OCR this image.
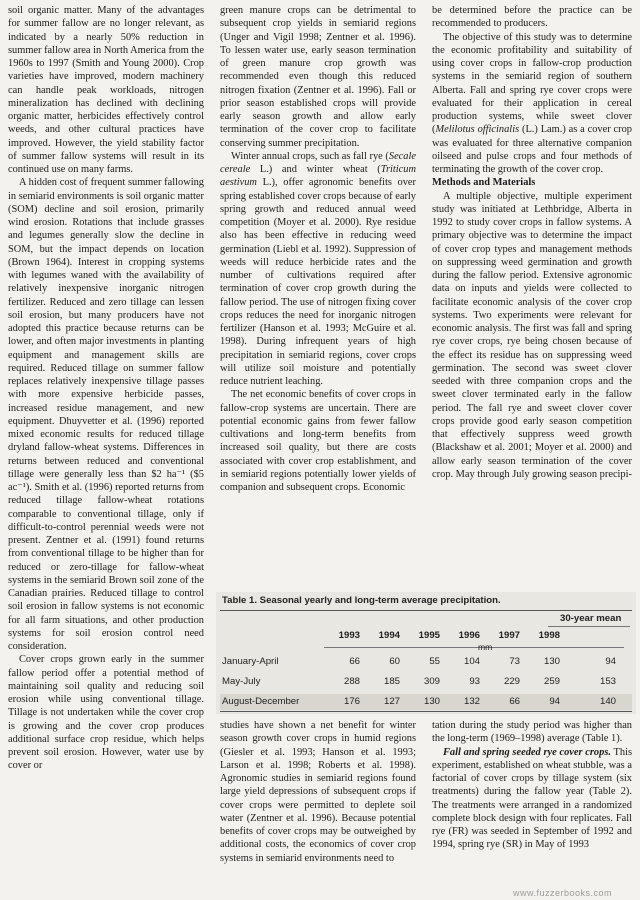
soil organic matter. Many of the advantages for summer fallow are no longer relevant, as indicated by a nearly 50% reduction in summer fallow area in North America from the 1960s to 1997 (Smith and Young 2000). Crop varieties have improved, modern machinery can handle peak workloads, nitrogen mineralization has declined with declining organic matter, herbicides effectively control weeds, and other cultural practices have improved. However, the yield stability factor of summer fallow systems will result in its continued use on many farms.

A hidden cost of frequent summer fallowing in semiarid environments is soil organic matter (SOM) decline and soil erosion, primarily wind erosion. Rotations that include grasses and legumes generally slow the decline in SOM, but the impact depends on location (Brown 1964). Interest in cropping systems with legumes waned with the availability of relatively inexpensive inorganic nitrogen fertilizer. Reduced and zero tillage can lessen soil erosion, but many producers have not adopted this practice because returns can be lower, and often major investments in planting equipment and management skills are required. Reduced tillage on summer fallow replaces relatively inexpensive tillage passes with more expensive herbicide passes, increased residue management, and new equipment. Dhuyvetter et al. (1996) reported mixed economic results for reduced tillage dryland fallow-wheat systems. Differences in returns between reduced and conventional tillage were generally less than $2 ha⁻¹ ($5 ac⁻¹). Smith et al. (1996) reported returns from reduced tillage fallow-wheat rotations comparable to conventional tillage, only if difficult-to-control perennial weeds were not present. Zentner et al. (1991) found returns from conventional tillage to be higher than for reduced or zero-tillage for fallow-wheat systems in the semiarid Brown soil zone of the Canadian prairies. Reduced tillage to control soil erosion in fallow systems is not economic for all farm situations, and other production systems for soil erosion control need consideration.

Cover crops grown early in the summer fallow period offer a potential method of maintaining soil quality and reducing soil erosion while using conventional tillage. Tillage is not undertaken while the cover crop is growing and the cover crop produces additional surface crop residue, which helps prevent soil erosion. However, water use by cover or

green manure crops can be detrimental to subsequent crop yields in semiarid regions (Unger and Vigil 1998; Zentner et al. 1996). To lessen water use, early season termination of green manure crop growth was recommended even though this reduced nitrogen fixation (Zentner et al. 1996). Fall or prior season established crops will provide early season growth and allow early termination of the cover crop to facilitate conserving summer precipitation.

Winter annual crops, such as fall rye (Secale cereale L.) and winter wheat (Triticum aestivum L.), offer agronomic benefits over spring established cover crops because of early spring growth and reduced annual weed competition (Moyer et al. 2000). Rye residue also has been effective in reducing weed germination (Liebl et al. 1992). Suppression of weeds will reduce herbicide rates and the number of cultivations required after termination of cover crop growth during the fallow period. The use of nitrogen fixing cover crops reduces the need for inorganic nitrogen fertilizer (Hanson et al. 1993; McGuire et al. 1998). During infrequent years of high precipitation in semiarid regions, cover crops will utilize soil moisture and potentially reduce nutrient leaching.

The net economic benefits of cover crops in fallow-crop systems are uncertain. There are potential economic gains from fewer fallow cultivations and long-term benefits from increased soil quality, but there are costs associated with cover crop establishment, and in semiarid regions potentially lower yields of companion and subsequent crops. Economic

be determined before the practice can be recommended to producers.

The objective of this study was to determine the economic profitability and suitability of using cover crops in fallow-crop production systems in the semiarid region of southern Alberta. Fall and spring rye cover crops were evaluated for their application in cereal production systems, while sweet clover (Melilotus officinalis (L.) Lam.) as a cover crop was evaluated for three alternative companion oilseed and pulse crops and four methods of terminating the growth of the cover crop.

Methods and Materials

A multiple objective, multiple experiment study was initiated at Lethbridge, Alberta in 1992 to study cover crops in fallow systems. A primary objective was to determine the impact of cover crop types and management methods on suppressing weed germination and growth during the fallow period. Extensive agronomic data on inputs and yields were collected to facilitate economic analysis of the cover crop systems. Two experiments were relevant for economic analysis. The first was fall and spring rye cover crops, rye being chosen because of the effect its residue has on suppressing weed germination. The second was sweet clover seeded with three companion crops and the sweet clover terminated early in the fallow period. The fall rye and sweet clover cover crops provide good early season competition that effectively suppress weed growth (Blackshaw et al. 2001; Moyer et al. 2000) and allow early season termination of the cover crop. May through July growing season precipi-

Table 1. Seasonal yearly and long-term average precipitation.
30-year mean
1993	1994	1995	1996	1997	1998
mm
January-April	66	60	55	104	73	130	94
May-July	288	185	309	93	229	259	153
August-December	176	127	130	132	66	94	140

studies have shown a net benefit for winter season growth cover crops in humid regions (Giesler et al. 1993; Hanson et al. 1993; Larson et al. 1998; Roberts et al. 1998). Agronomic studies in semiarid regions found large yield depressions of subsequent crops if cover crops were permitted to deplete soil water (Zentner et al. 1996). Because potential benefits of cover crops may be outweighed by additional costs, the economics of cover crop systems in semiarid environments need to

tation during the study period was higher than the long-term (1969–1998) average (Table 1).

Fall and spring seeded rye cover crops. This experiment, established on wheat stubble, was a factorial of cover crops by tillage system (six treatments) during the fallow year (Table 2). The treatments were arranged in a randomized complete block design with four replicates. Fall rye (FR) was seeded in September of 1992 and 1994, spring rye (SR) in May of 1993

www.fuzzerbooks.com
